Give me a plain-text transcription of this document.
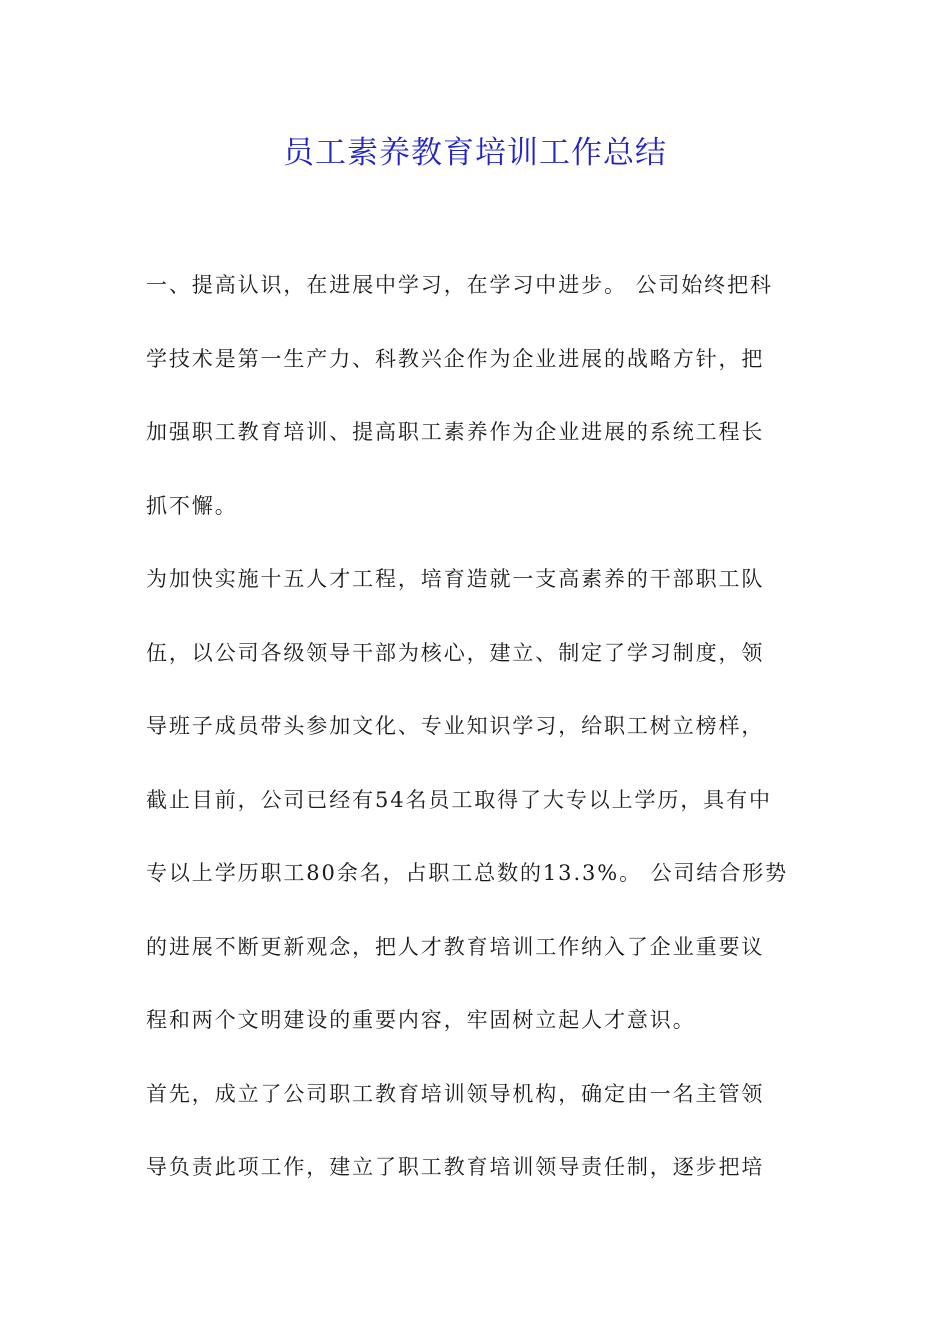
员工素养教育培训工作总结
一、提高认识，在进展中学习，在学习中进步。 公司始终把科
学技术是第一生产力、科教兴企作为企业进展的战略方针，把
加强职工教育培训、提高职工素养作为企业进展的系统工程长
抓不懈。
为加快实施十五人才工程，培育造就一支高素养的干部职工队
伍，以公司各级领导干部为核心，建立、制定了学习制度，领
导班子成员带头参加文化、专业知识学习，给职工树立榜样，
截止目前，公司已经有54名员工取得了大专以上学历，具有中
专以上学历职工80余名，占职工总数的13.3%。 公司结合形势
的进展不断更新观念，把人才教育培训工作纳入了企业重要议
程和两个文明建设的重要内容，牢固树立起人才意识。
首先，成立了公司职工教育培训领导机构，确定由一名主管领
导负责此项工作，建立了职工教育培训领导责任制，逐步把培
